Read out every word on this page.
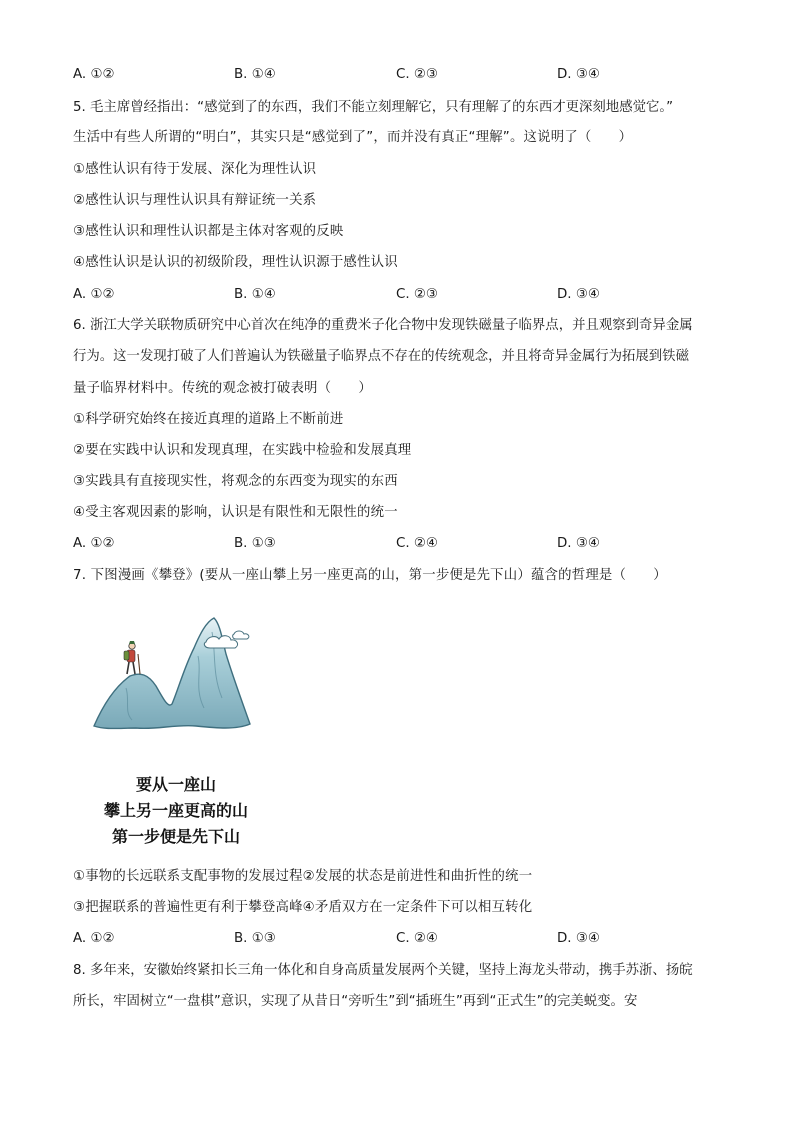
A. ①②	B. ①④	C. ②③	D. ③④
5. 毛主席曾经指出：“感觉到了的东西，我们不能立刻理解它，只有理解了的东西才更深刻地感觉它。”
生活中有些人所谓的“明白”，其实只是“感觉到了”，而并没有真正“理解”。这说明了（　　）
①感性认识有待于发展、深化为理性认识
②感性认识与理性认识具有辩证统一关系
③感性认识和理性认识都是主体对客观的反映
④感性认识是认识的初级阶段，理性认识源于感性认识
A. ①②	B. ①④	C. ②③	D. ③④
6. 浙江大学关联物质研究中心首次在纯净的重费米子化合物中发现铁磁量子临界点，并且观察到奇异金属
行为。这一发现打破了人们普遍认为铁磁量子临界点不存在的传统观念，并且将奇异金属行为拓展到铁磁
量子临界材料中。传统的观念被打破表明（　　）
①科学研究始终在接近真理的道路上不断前进
②要在实践中认识和发现真理，在实践中检验和发展真理
③实践具有直接现实性，将观念的东西变为现实的东西
④受主客观因素的影响，认识是有限性和无限性的统一
A. ①②	B. ①③	C. ②④	D. ③④
7. 下图漫画《攀登》(要从一座山攀上另一座更高的山，第一步便是先下山）蕴含的哲理是（　　）
要从一座山
攀上另一座更高的山
第一步便是先下山
①事物的长远联系支配事物的发展过程②发展的状态是前进性和曲折性的统一
③把握联系的普遍性更有利于攀登高峰④矛盾双方在一定条件下可以相互转化
A. ①②	B. ①③	C. ②④	D. ③④
8. 多年来，安徽始终紧扣长三角一体化和自身高质量发展两个关键，坚持上海龙头带动，携手苏浙、扬皖
所长，牢固树立“一盘棋”意识，实现了从昔日“旁听生”到“插班生”再到“正式生”的完美蜕变。安
